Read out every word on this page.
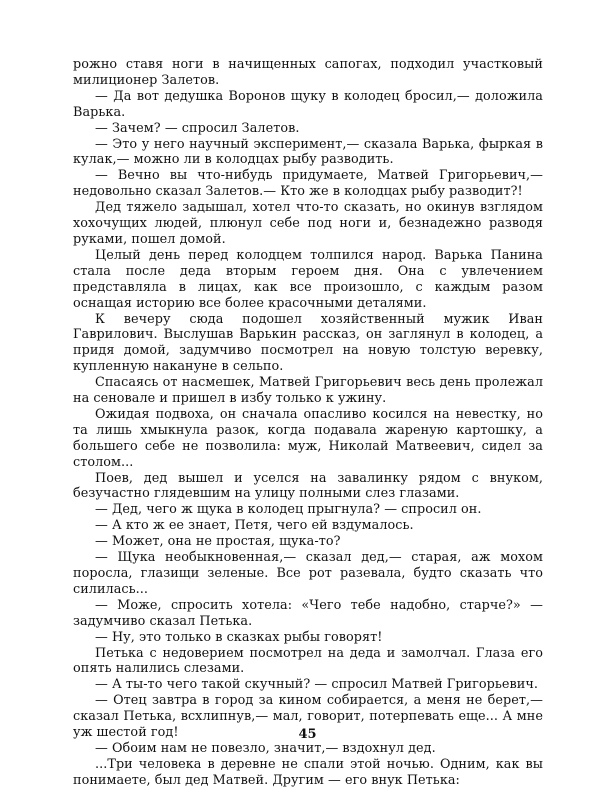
рожно ставя ноги в начищенных сапогах, подходил участковый милиционер Залетов.

— Да вот дедушка Воронов щуку в колодец бросил,— доложила Варька.

— Зачем? — спросил Залетов.

— Это у него научный эксперимент,— сказала Варька, фыркая в кулак,— можно ли в колодцах рыбу разводить.

— Вечно вы что-нибудь придумаете, Матвей Григорьевич,— недовольно сказал Залетов.— Кто же в колодцах рыбу разводит?!

Дед тяжело задышал, хотел что-то сказать, но окинув взглядом хохочущих людей, плюнул себе под ноги и, безнадежно разводя руками, пошел домой.

Целый день перед колодцем толпился народ. Варька Панина стала после деда вторым героем дня. Она с увлечением представляла в лицах, как все произошло, с каждым разом оснащая историю все более красочными деталями.

К вечеру сюда подошел хозяйственный мужик Иван Гаврилович. Выслушав Варькин рассказ, он заглянул в колодец, а придя домой, задумчиво посмотрел на новую толстую веревку, купленную накануне в сельпо.

Спасаясь от насмешек, Матвей Григорьевич весь день пролежал на сеновале и пришел в избу только к ужину.

Ожидая подвоха, он сначала опасливо косился на невестку, но та лишь хмыкнула разок, когда подавала жареную картошку, а большего себе не позволила: муж, Николай Матвеевич, сидел за столом...

Поев, дед вышел и уселся на завалинку рядом с внуком, безучастно глядевшим на улицу полными слез глазами.

— Дед, чего ж щука в колодец прыгнула? — спросил он.

— А кто ж ее знает, Петя, чего ей вздумалось.

— Может, она не простая, щука-то?

— Щука необыкновенная,— сказал дед,— старая, аж мохом поросла, глазищи зеленые. Все рот разевала, будто сказать что силилась...

— Може, спросить хотела: «Чего тебе надобно, старче?» — задумчиво сказал Петька.

— Ну, это только в сказках рыбы говорят!

Петька с недоверием посмотрел на деда и замолчал. Глаза его опять налились слезами.

— А ты-то чего такой скучный? — спросил Матвей Григорьевич.

— Отец завтра в город за кином собирается, а меня не берет,— сказал Петька, всхлипнув,— мал, говорит, потерпевать еще... А мне уж шестой год!

— Обоим нам не повезло, значит,— вздохнул дед.

...Три человека в деревне не спали этой ночью. Одним, как вы понимаете, был дед Матвей. Другим — его внук Петька:

45
